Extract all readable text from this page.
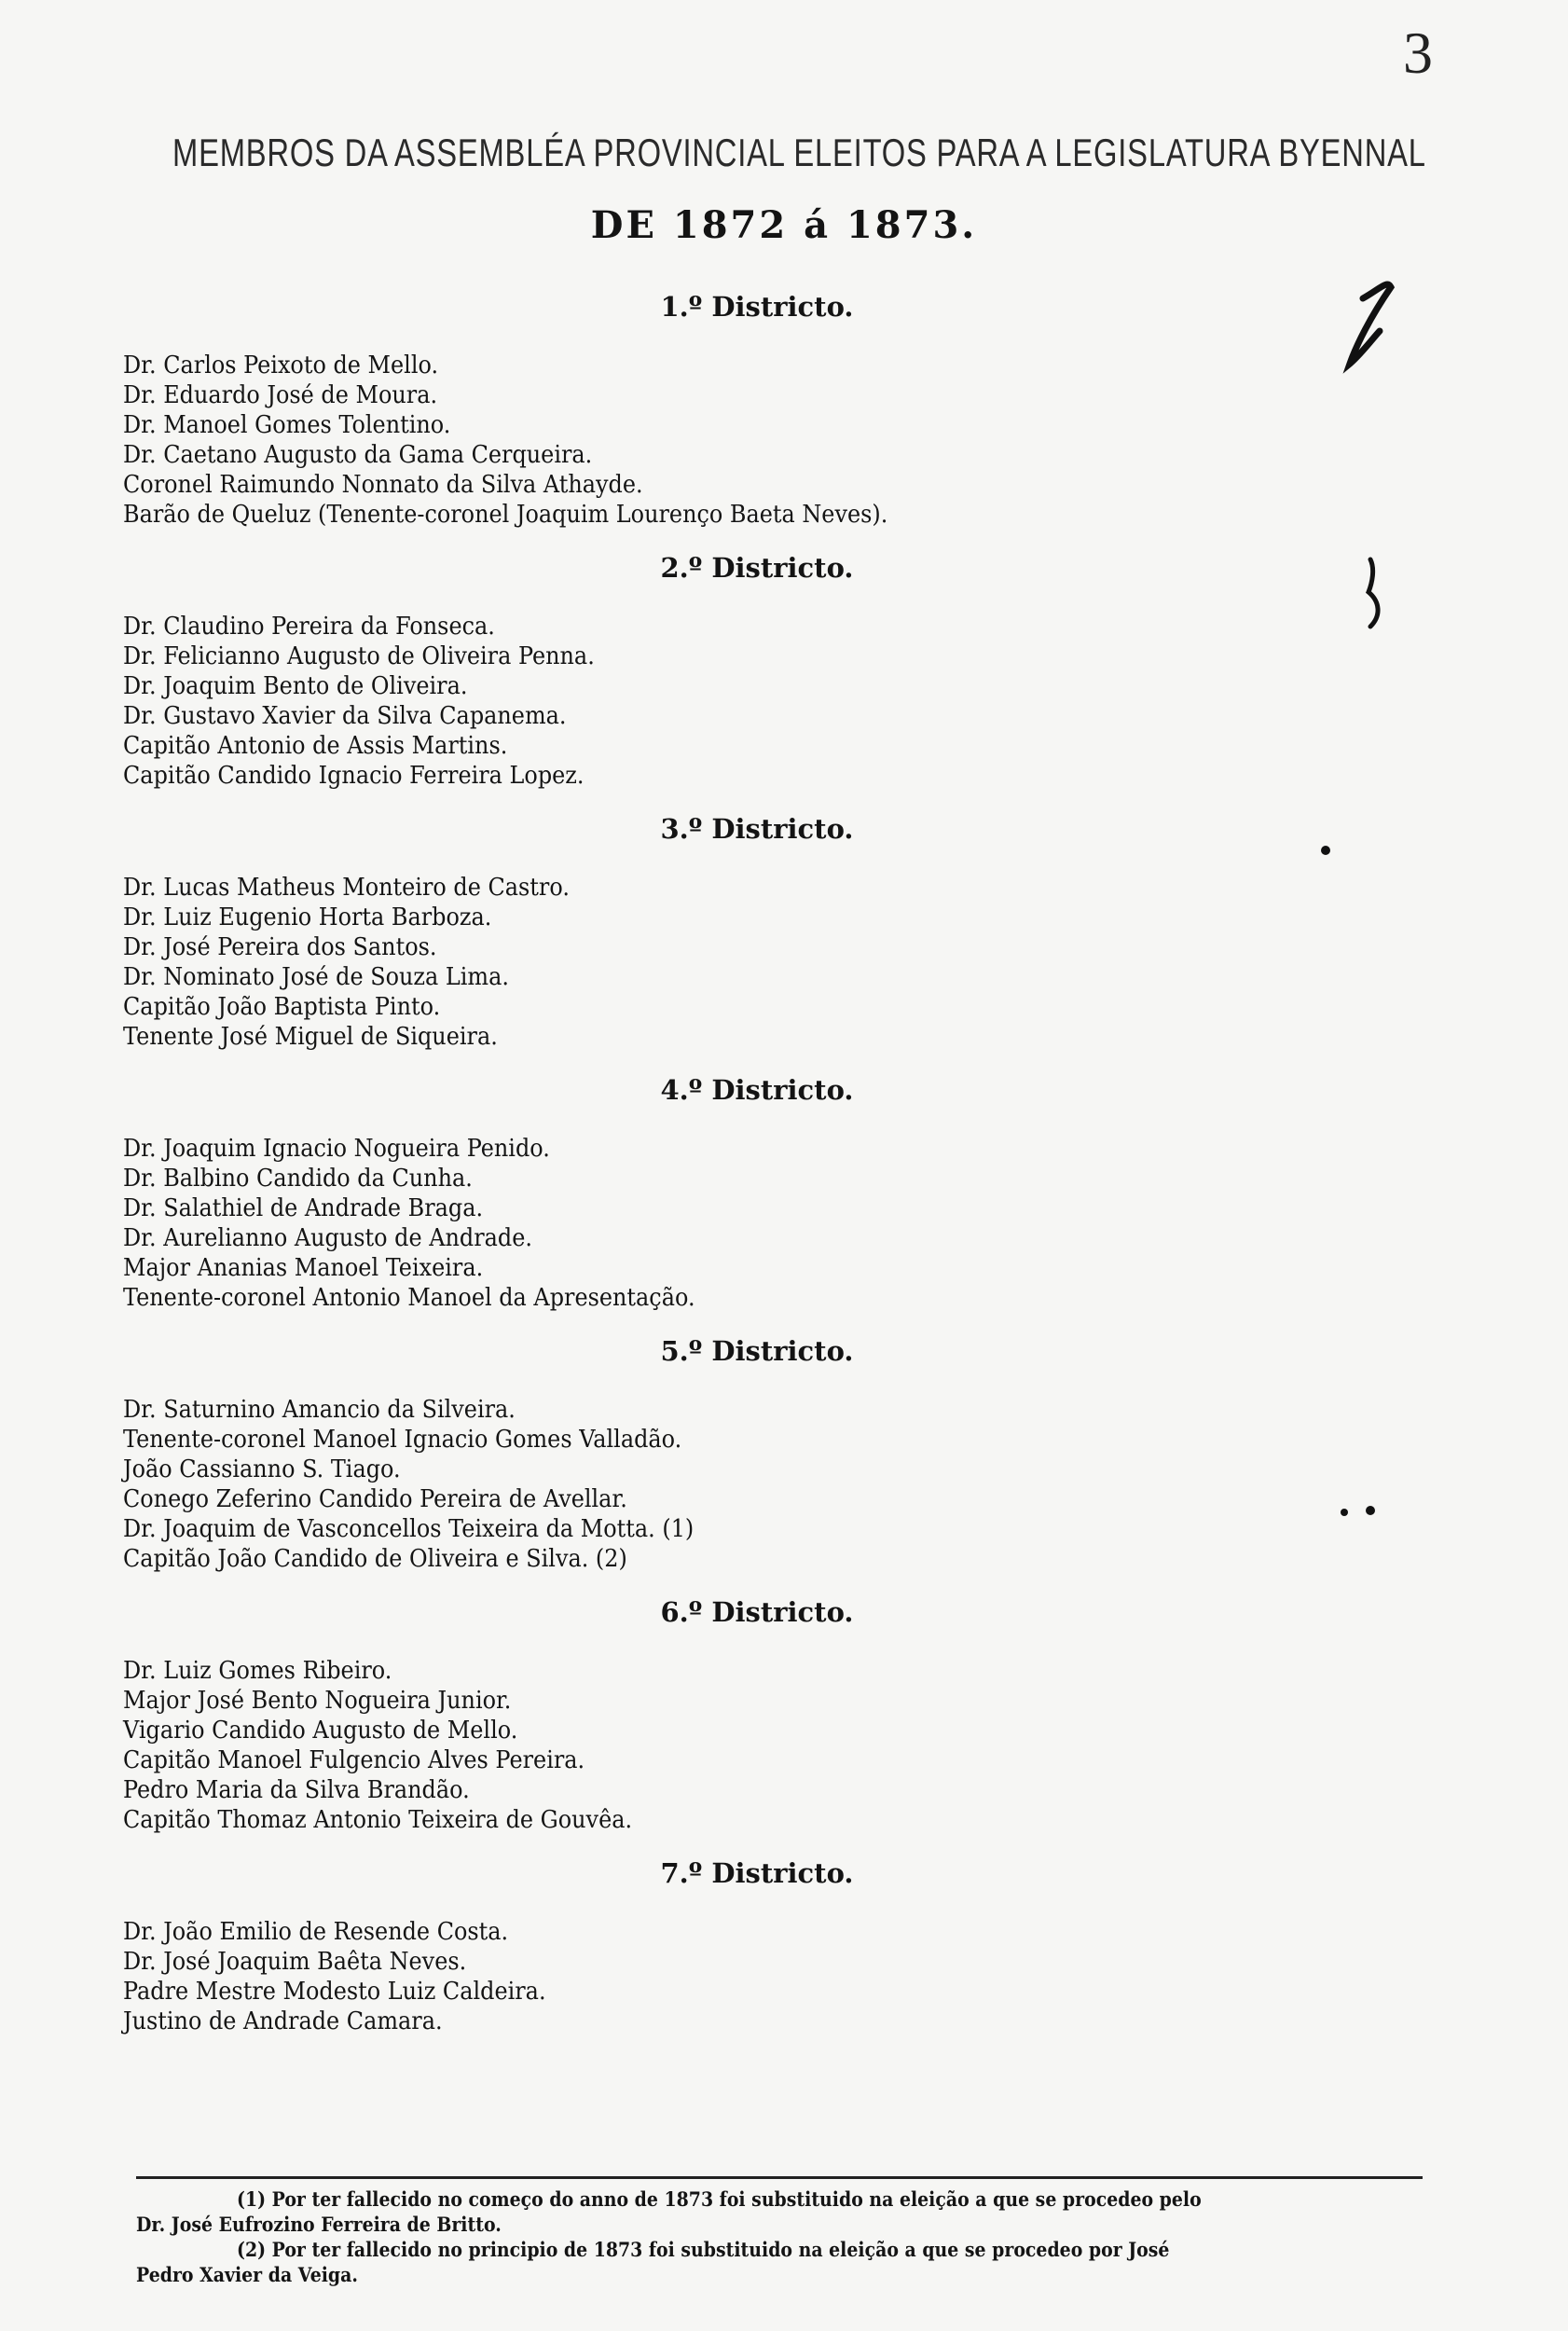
3
MEMBROS DA ASSEMBLÉA PROVINCIAL ELEITOS PARA A LEGISLATURA BYENNAL
DE 1872 á 1873.
1.º Districto.
Dr. Carlos Peixoto de Mello.
Dr. Eduardo José de Moura.
Dr. Manoel Gomes Tolentino.
Dr. Caetano Augusto da Gama Cerqueira.
Coronel Raimundo Nonnato da Silva Athayde.
Barão de Queluz (Tenente-coronel Joaquim Lourenço Baeta Neves).
2.º Districto.
Dr. Claudino Pereira da Fonseca.
Dr. Felicianno Augusto de Oliveira Penna.
Dr. Joaquim Bento de Oliveira.
Dr. Gustavo Xavier da Silva Capanema.
Capitão Antonio de Assis Martins.
Capitão Candido Ignacio Ferreira Lopez.
3.º Districto.
Dr. Lucas Matheus Monteiro de Castro.
Dr. Luiz Eugenio Horta Barboza.
Dr. José Pereira dos Santos.
Dr. Nominato José de Souza Lima.
Capitão João Baptista Pinto.
Tenente José Miguel de Siqueira.
4.º Districto.
Dr. Joaquim Ignacio Nogueira Penido.
Dr. Balbino Candido da Cunha.
Dr. Salathiel de Andrade Braga.
Dr. Aurelianno Augusto de Andrade.
Major Ananias Manoel Teixeira.
Tenente-coronel Antonio Manoel da Apresentação.
5.º Districto.
Dr. Saturnino Amancio da Silveira.
Tenente-coronel Manoel Ignacio Gomes Valladão.
João Cassianno S. Tiago.
Conego Zeferino Candido Pereira de Avellar.
Dr. Joaquim de Vasconcellos Teixeira da Motta. (1)
Capitão João Candido de Oliveira e Silva. (2)
6.º Districto.
Dr. Luiz Gomes Ribeiro.
Major José Bento Nogueira Junior.
Vigario Candido Augusto de Mello.
Capitão Manoel Fulgencio Alves Pereira.
Pedro Maria da Silva Brandão.
Capitão Thomaz Antonio Teixeira de Gouvêa.
7.º Districto.
Dr. João Emilio de Resende Costa.
Dr. José Joaquim Baêta Neves.
Padre Mestre Modesto Luiz Caldeira.
Justino de Andrade Camara.
(1) Por ter fallecido no começo do anno de 1873 foi substituido na eleição a que se procedeo pelo
Dr. José Eufrozino Ferreira de Britto.
(2) Por ter fallecido no principio de 1873 foi substituido na eleição a que se procedeo por José
Pedro Xavier da Veiga.
